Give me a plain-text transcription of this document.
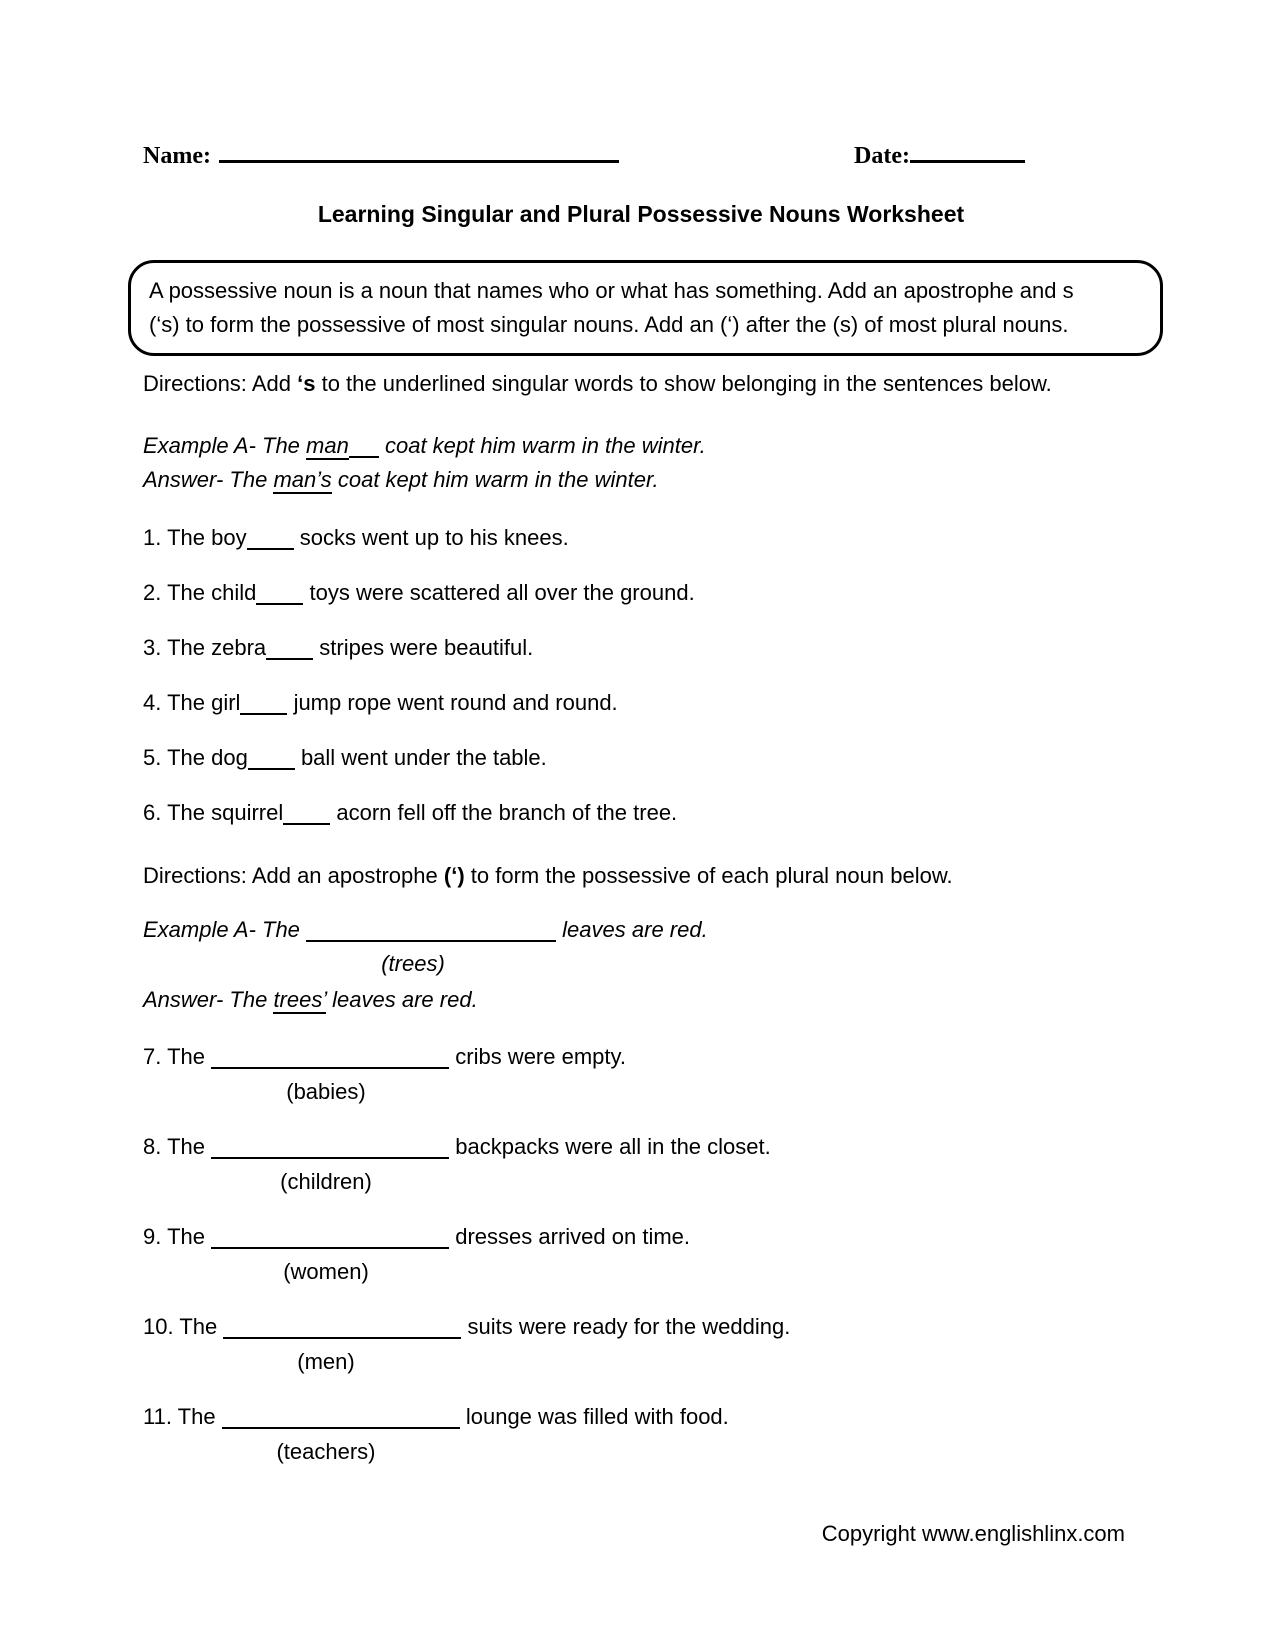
Name:	Date:
Learning Singular and Plural Possessive Nouns Worksheet
A possessive noun is a noun that names who or what has something. Add an apostrophe and s
(‘s) to form the possessive of most singular nouns. Add an (‘) after the (s) of most plural nouns.
Directions: Add ‘s to the underlined singular words to show belonging in the sentences below.
Example A- The man coat kept him warm in the winter.
Answer- The man’s coat kept him warm in the winter.
1. The boy socks went up to his knees.
2. The child toys were scattered all over the ground.
3. The zebra stripes were beautiful.
4. The girl jump rope went round and round.
5. The dog ball went under the table.
6. The squirrel acorn fell off the branch of the tree.
Directions: Add an apostrophe (‘) to form the possessive of each plural noun below.
Example A- The	leaves are red.
(trees)
Answer- The trees’ leaves are red.
7. The	cribs were empty.
(babies)
8. The	backpacks were all in the closet.
(children)
9. The	dresses arrived on time.
(women)
10. The	suits were ready for the wedding.
(men)
11. The	lounge was filled with food.
(teachers)
Copyright www.englishlinx.com
